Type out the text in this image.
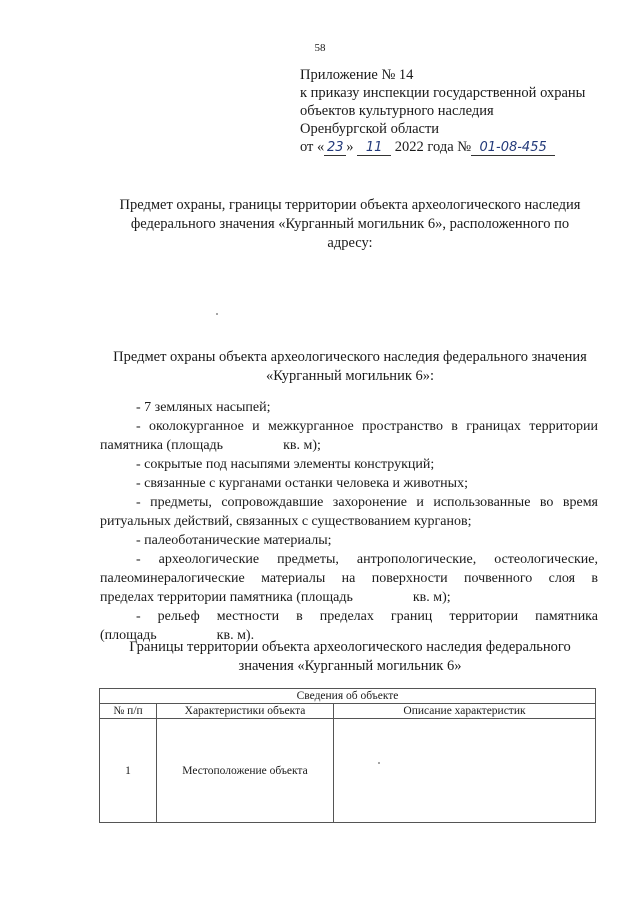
58
Приложение № 14
к приказу инспекции государственной охраны
объектов культурного наследия
Оренбургской области
от « 23 » 11 2022 года № 01-08-455
Предмет охраны, границы территории объекта археологического наследия
федерального значения «Курганный могильник 6», расположенного по
адресу:
Предмет охраны объекта археологического наследия федерального значения
«Курганный могильник 6»:

- 7 земляных насыпей;

- околокурганное и межкурганное пространство в границах территории

памятника (площадь	кв. м);

- сокрытые под насыпями элементы конструкций;

- связанные с курганами останки человека и животных;

- предметы, сопровождавшие захоронение и использованные во время

ритуальных действий, связанных с существованием курганов;

- палеоботанические материалы;

- археологические предметы, антропологические, остеологические,

палеоминералогические материалы на поверхности почвенного слоя в

пределах территории памятника (площадь	кв. м);

- рельеф местности в пределах границ территории памятника

(площадь	кв. м).

Границы территории объекта археологического наследия федерального
значения «Курганный могильник 6»
Сведения об объекте		
№ п/п	Характеристики объекта	Описание характеристик
1	Местоположение объекта	
